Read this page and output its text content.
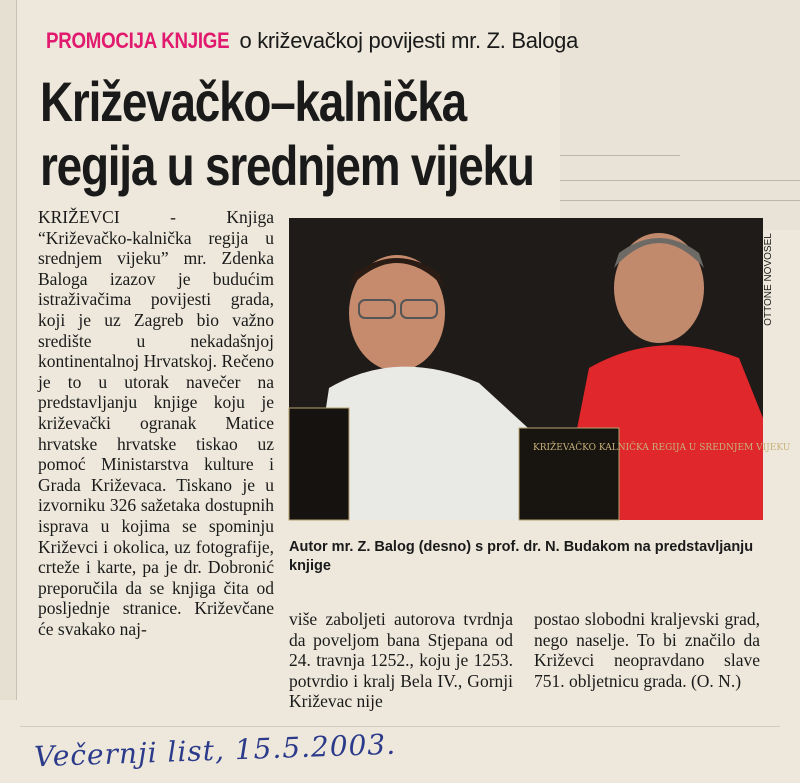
PROMOCIJA KNJIGE o križevačkoj povijesti mr. Z. Baloga
Križevačko–kalnička
regija u srednjem vijeku
KRIŽEVCI - Knjiga “Križevačko-kalnička regija u srednjem vijeku” mr. Zdenka Baloga izazov je budućim istraživačima povijesti grada, koji je uz Zagreb bio važno središte u nekadašnjoj kontinentalnoj Hrvatskoj. Rečeno je to u utorak navečer na predstavljanju knjige koju je križevački ogranak Matice hrvatske hrvatske tiskao uz pomoć Ministarstva kulture i Grada Križevaca. Tiskano je u izvorniku 326 sažetaka dostupnih isprava u kojima se spominju Križevci i okolica, uz fotografije, crteže i karte, pa je dr. Dobronić preporučila da se knjiga čita od posljednje stranice. Križevčane će svakako naj-
KRIŽEVAČKO KALNIČKA REGIJA U SREDNJEM VIJEKU
OTTONE NOVOSEL
Autor mr. Z. Balog (desno) s prof. dr. N. Budakom na predstavljanju knjige
više zaboljeti autorova tvrdnja da poveljom bana Stjepana od 24. travnja 1252., koju je 1253. potvrdio i kralj Bela IV., Gornji Križevac nije
postao slobodni kraljevski grad, nego naselje. To bi značilo da Križevci neopravdano slave 751. obljetnicu grada. (O. N.)
Večernji list, 15.5.2003.
